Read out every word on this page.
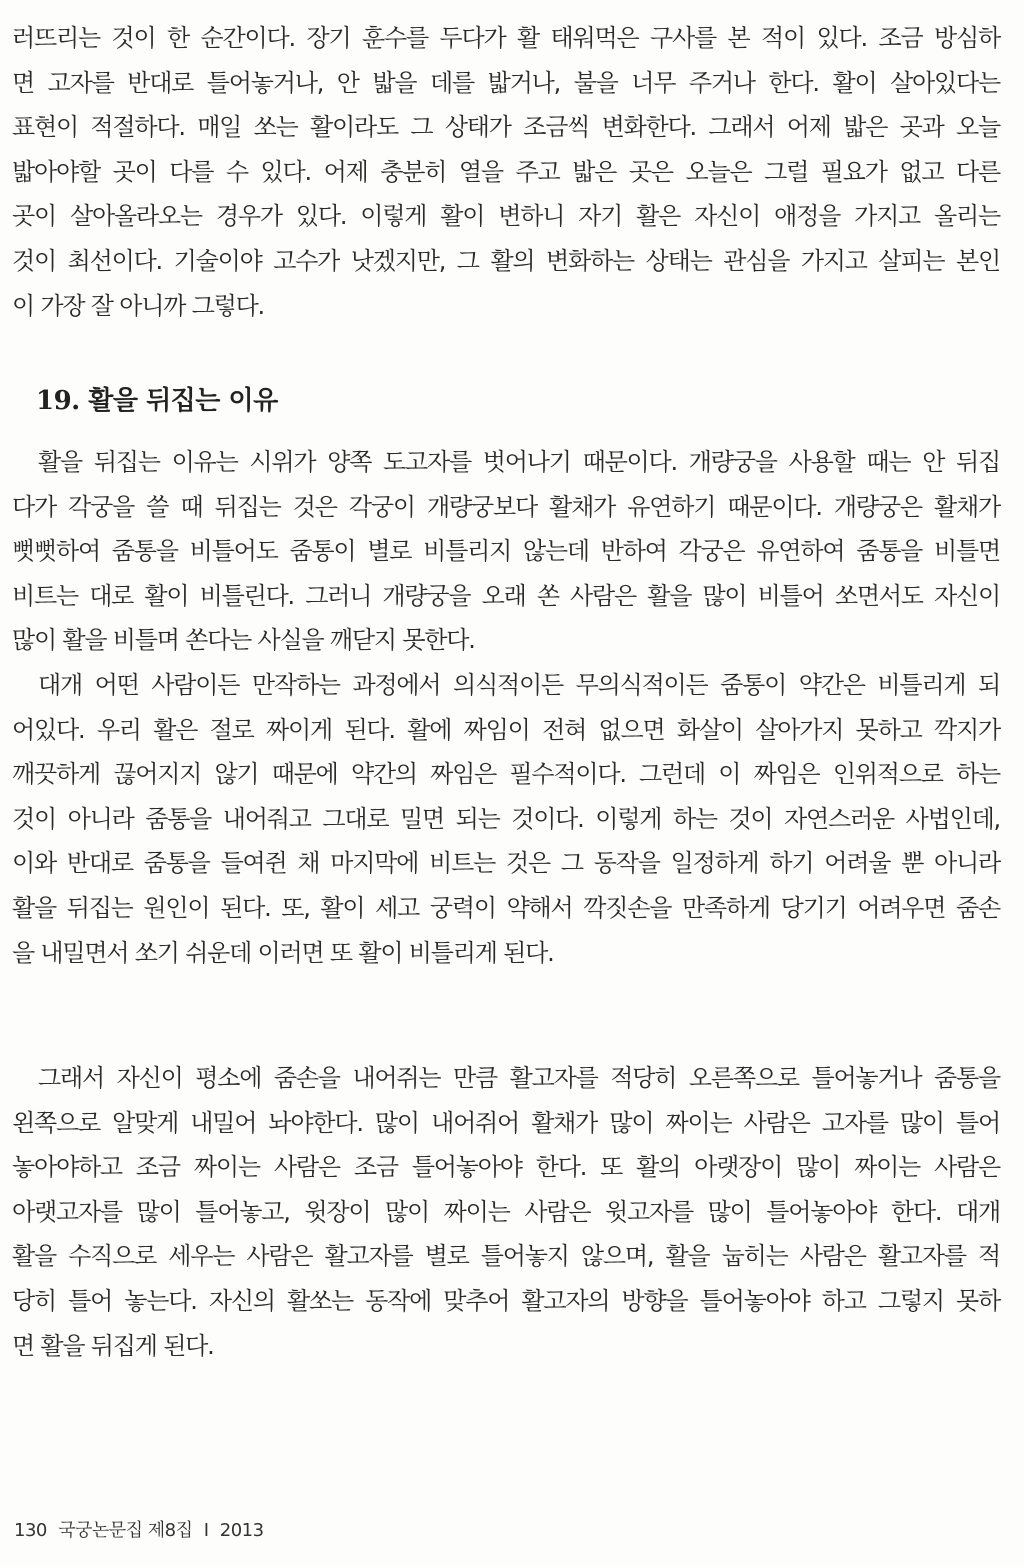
러뜨리는 것이 한 순간이다. 장기 훈수를 두다가 활 태워먹은 구사를 본 적이 있다. 조금 방심하
면 고자를 반대로 틀어놓거나, 안 밟을 데를 밟거나, 불을 너무 주거나 한다. 활이 살아있다는
표현이 적절하다. 매일 쏘는 활이라도 그 상태가 조금씩 변화한다. 그래서 어제 밟은 곳과 오늘
밟아야할 곳이 다를 수 있다. 어제 충분히 열을 주고 밟은 곳은 오늘은 그럴 필요가 없고 다른
곳이 살아올라오는 경우가 있다. 이렇게 활이 변하니 자기 활은 자신이 애정을 가지고 올리는
것이 최선이다. 기술이야 고수가 낫겠지만, 그 활의 변화하는 상태는 관심을 가지고 살피는 본인
이 가장 잘 아니까 그렇다.
19. 활을 뒤집는 이유
활을 뒤집는 이유는 시위가 양쪽 도고자를 벗어나기 때문이다. 개량궁을 사용할 때는 안 뒤집
다가 각궁을 쓸 때 뒤집는 것은 각궁이 개량궁보다 활채가 유연하기 때문이다. 개량궁은 활채가
뻣뻣하여 줌통을 비틀어도 줌통이 별로 비틀리지 않는데 반하여 각궁은 유연하여 줌통을 비틀면
비트는 대로 활이 비틀린다. 그러니 개량궁을 오래 쏜 사람은 활을 많이 비틀어 쏘면서도 자신이
많이 활을 비틀며 쏜다는 사실을 깨닫지 못한다.
대개 어떤 사람이든 만작하는 과정에서 의식적이든 무의식적이든 줌통이 약간은 비틀리게 되
어있다. 우리 활은 절로 짜이게 된다. 활에 짜임이 전혀 없으면 화살이 살아가지 못하고 깍지가
깨끗하게 끊어지지 않기 때문에 약간의 짜임은 필수적이다. 그런데 이 짜임은 인위적으로 하는
것이 아니라 줌통을 내어줘고 그대로 밀면 되는 것이다. 이렇게 하는 것이 자연스러운 사법인데,
이와 반대로 줌통을 들여쥔 채 마지막에 비트는 것은 그 동작을 일정하게 하기 어려울 뿐 아니라
활을 뒤집는 원인이 된다. 또, 활이 세고 궁력이 약해서 깍짓손을 만족하게 당기기 어려우면 줌손
을 내밀면서 쏘기 쉬운데 이러면 또 활이 비틀리게 된다.
그래서 자신이 평소에 줌손을 내어쥐는 만큼 활고자를 적당히 오른쪽으로 틀어놓거나 줌통을
왼쪽으로 알맞게 내밀어 놔야한다. 많이 내어쥐어 활채가 많이 짜이는 사람은 고자를 많이 틀어
놓아야하고 조금 짜이는 사람은 조금 틀어놓아야 한다. 또 활의 아랫장이 많이 짜이는 사람은
아랫고자를 많이 틀어놓고, 윗장이 많이 짜이는 사람은 윗고자를 많이 틀어놓아야 한다. 대개
활을 수직으로 세우는 사람은 활고자를 별로 틀어놓지 않으며, 활을 눕히는 사람은 활고자를 적
당히 틀어 놓는다. 자신의 활쏘는 동작에 맞추어 활고자의 방향을 틀어놓아야 하고 그렇지 못하
면 활을 뒤집게 된다.
130 국궁논문집 제8집 I 2013
